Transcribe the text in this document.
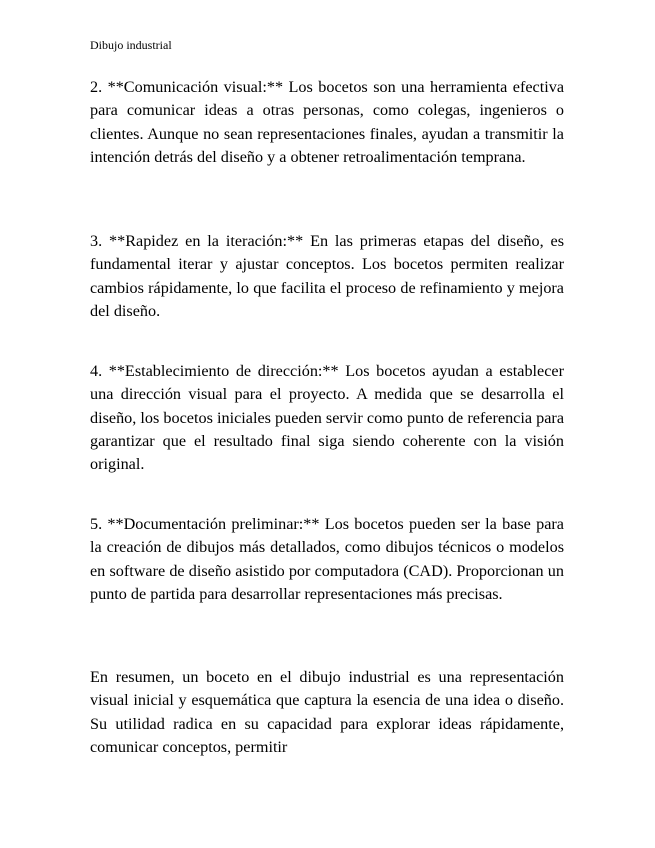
Dibujo industrial

2. **Comunicación visual:** Los bocetos son una herramienta efectiva para comunicar ideas a otras personas, como colegas, ingenieros o clientes. Aunque no sean representaciones finales, ayudan a transmitir la intención detrás del diseño y a obtener retroalimentación temprana.

3. **Rapidez en la iteración:** En las primeras etapas del diseño, es fundamental iterar y ajustar conceptos. Los bocetos permiten realizar cambios rápidamente, lo que facilita el proceso de refinamiento y mejora del diseño.

4. **Establecimiento de dirección:** Los bocetos ayudan a establecer una dirección visual para el proyecto. A medida que se desarrolla el diseño, los bocetos iniciales pueden servir como punto de referencia para garantizar que el resultado final siga siendo coherente con la visión original.

5. **Documentación preliminar:** Los bocetos pueden ser la base para la creación de dibujos más detallados, como dibujos técnicos o modelos en software de diseño asistido por computadora (CAD). Proporcionan un punto de partida para desarrollar representaciones más precisas.

En resumen, un boceto en el dibujo industrial es una representación visual inicial y esquemática que captura la esencia de una idea o diseño. Su utilidad radica en su capacidad para explorar ideas rápidamente, comunicar conceptos, permitir
